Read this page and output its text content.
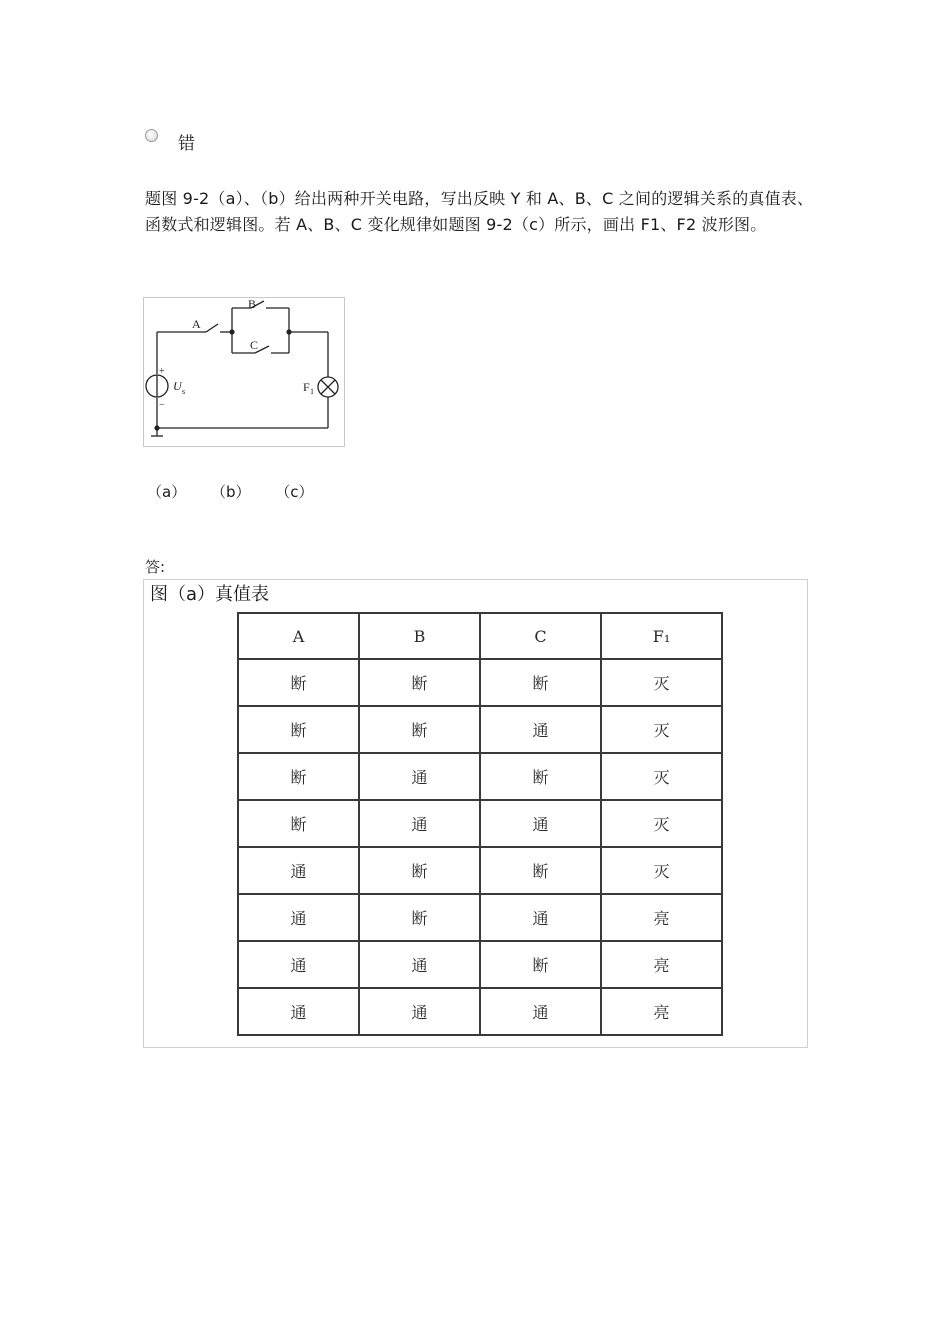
错

题图 9-2（a）、（b）给出两种开关电路，写出反映 Y 和 A、B、C 之间的逻辑关系的真值表、函数式和逻辑图。若 A、B、C 变化规律如题图 9-2（c）所示，画出 F1、F2 波形图。

A
B
C
+
−
U s	F 1
（a） （b） （c）
答:
图（a）真值表
A	B	C	F₁
断	断	断	灭
断	断	通	灭
断	通	断	灭
断	通	通	灭
通	断	断	灭
通	断	通	亮
通	通	断	亮
通	通	通	亮
